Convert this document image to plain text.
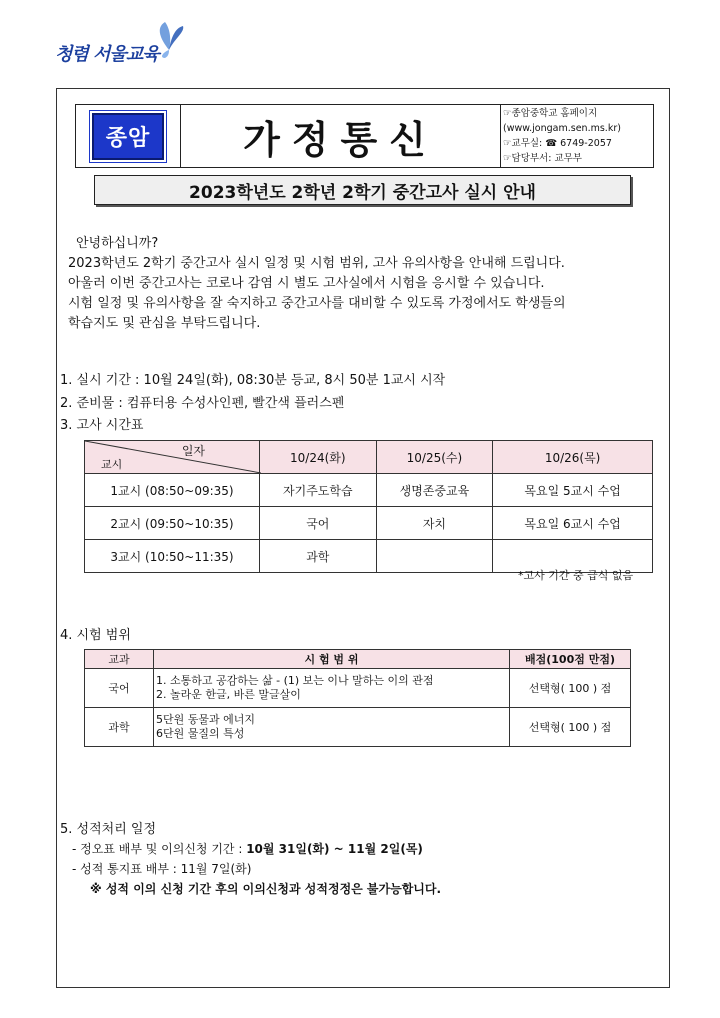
청렴 서울교육
종암	가정통신
☞종암중학교 홈페이지
(www.jongam.sen.ms.kr)
☞교무실: ☎ 6749-2057
☞담당부서: 교무부
2023학년도 2학년 2학기 중간고사 실시 안내

안녕하십니까?

2023학년도 2학기 중간고사 실시 일정 및 시험 범위, 고사 유의사항을 안내해 드립니다.

아울러 이번 중간고사는 코로나 감염 시 별도 고사실에서 시험을 응시할 수 있습니다.

시험 일정 및 유의사항을 잘 숙지하고 중간고사를 대비할 수 있도록 가정에서도 학생들의

학습지도 및 관심을 부탁드립니다.

1. 실시 기간 : 10월 24일(화), 08:30분 등교, 8시 50분 1교시 시작
2. 준비물 : 컴퓨터용 수성사인펜, 빨간색 플러스펜
3. 고사 시간표
일자
교시	10/24(화)	10/25(수)	10/26(목)
1교시 (08:50~09:35)	자기주도학습	생명존중교육	목요일 5교시 수업
2교시 (09:50~10:35)	국어	자치	목요일 6교시 수업
3교시 (10:50~11:35)	과학		
*고사 기간 중 급식 없음
4. 시험 범위
교과	시 험 범 위	배점(100점 만점)
국어	1. 소통하고 공감하는 삶 - (1) 보는 이나 말하는 이의 관점
2. 놀라운 한글, 바른 말글살이	선택형( 100 ) 점
과학	5단원 동물과 에너지
6단원 물질의 특성	선택형( 100 ) 점
5. 성적처리 일정
- 정오표 배부 및 이의신청 기간 : 10월 31일(화) ~ 11월 2일(목)
- 성적 통지표 배부 : 11월 7일(화)
※ 성적 이의 신청 기간 후의 이의신청과 성적정정은 불가능합니다.
